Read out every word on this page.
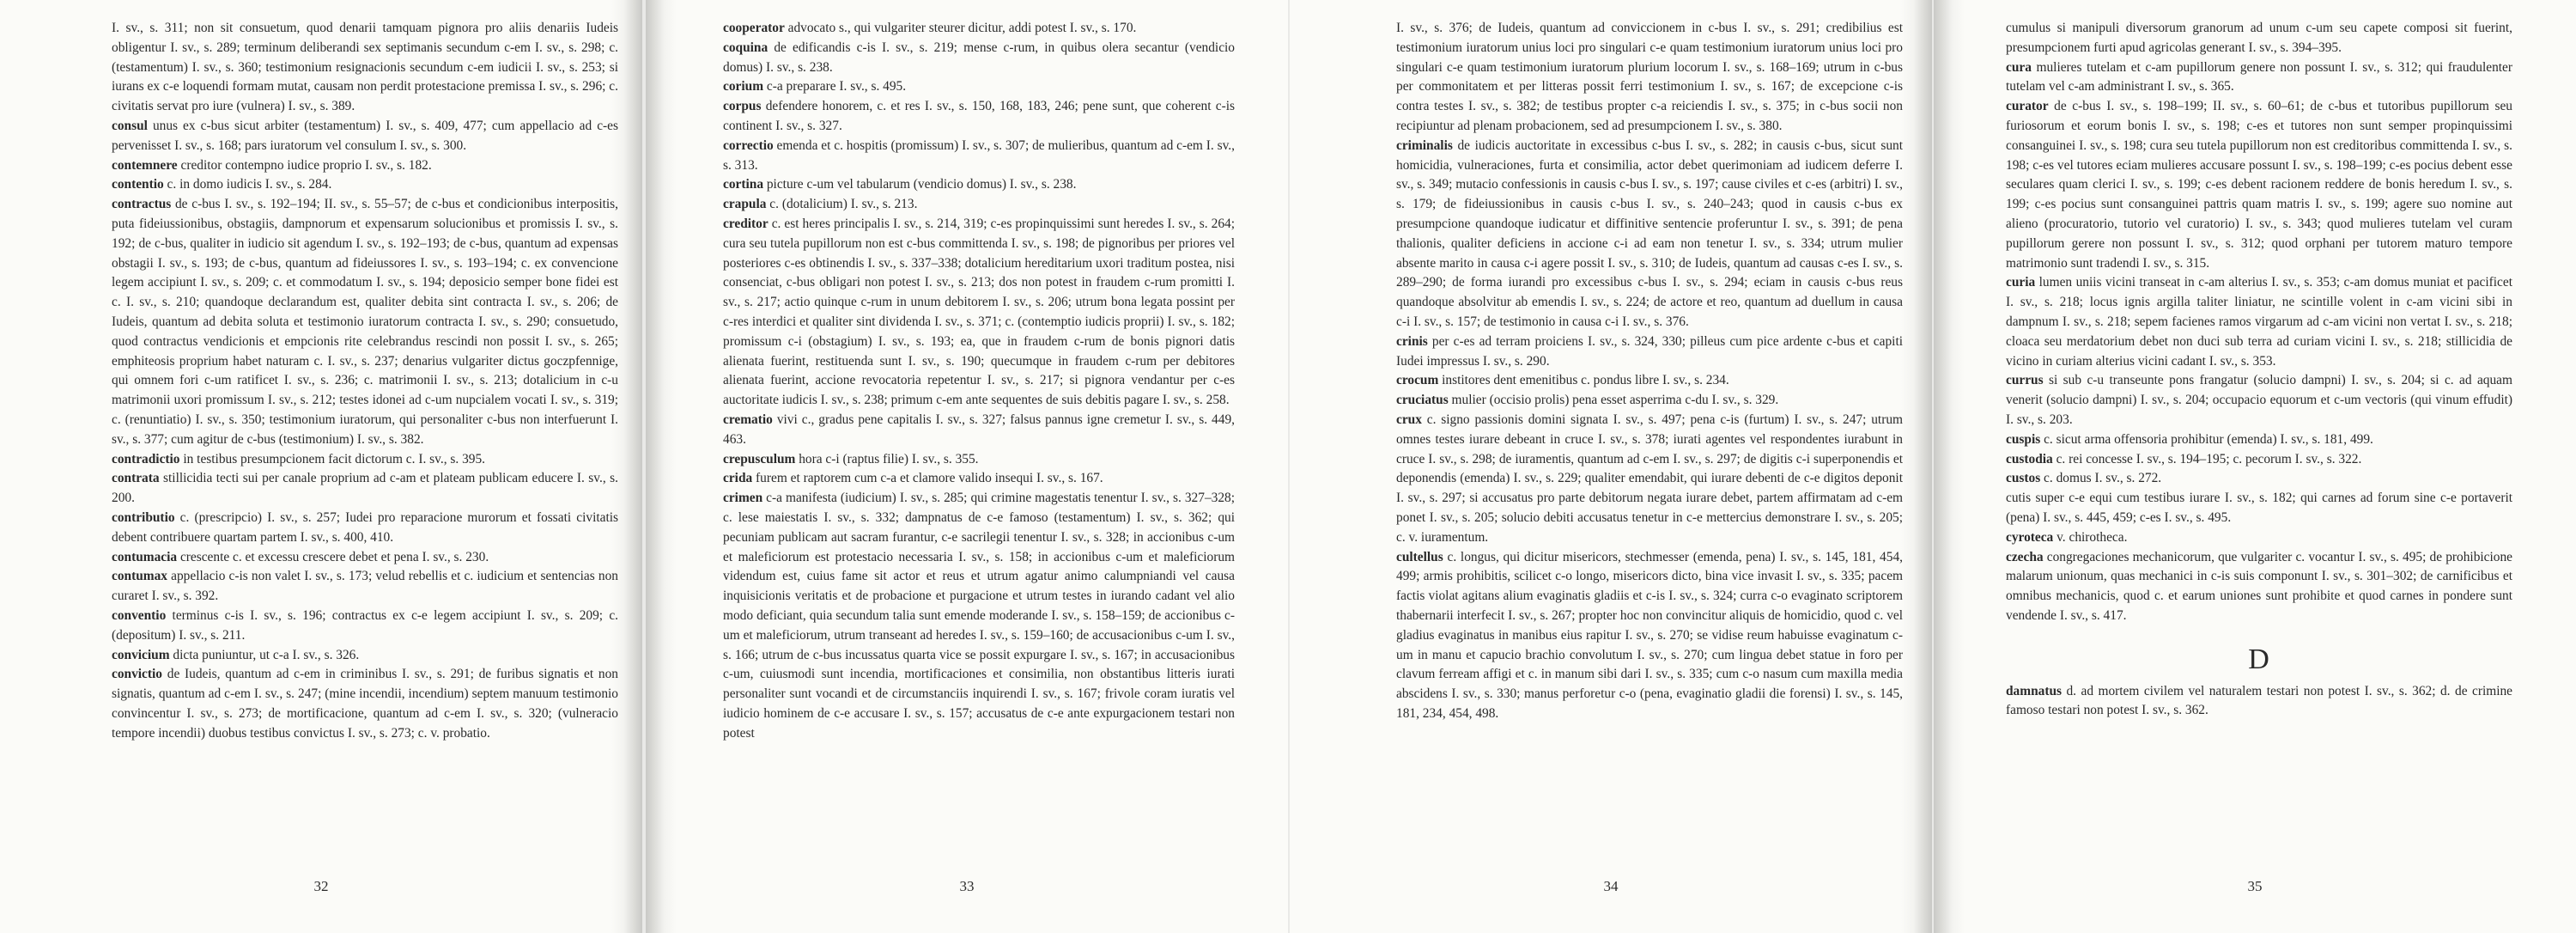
I. sv., s. 311; non sit consuetum, quod denarii tamquam pignora pro aliis denariis Iudeis obligentur I. sv., s. 289; terminum deliberandi sex septimanis secundum c-em I. sv., s. 298; c. (testamentum) I. sv., s. 360; testimonium resignacionis secundum c-em iudicii I. sv., s. 253; si iurans ex c-e loquendi formam mutat, causam non perdit protestacione premissa I. sv., s. 296; c. civitatis servat pro iure (vulnera) I. sv., s. 389.

consul unus ex c-bus sicut arbiter (testamentum) I. sv., s. 409, 477; cum appellacio ad c-es pervenisset I. sv., s. 168; pars iuratorum vel consulum I. sv., s. 300.

contemnere creditor contempno iudice proprio I. sv., s. 182.

contentio c. in domo iudicis I. sv., s. 284.

contractus de c-bus I. sv., s. 192–194; II. sv., s. 55–57; de c-bus et condicionibus interpositis, puta fideiussionibus, obstagiis, dampnorum et expensarum solucionibus et promissis I. sv., s. 192; de c-bus, qualiter in iudicio sit agendum I. sv., s. 192–193; de c-bus, quantum ad expensas obstagii I. sv., s. 193; de c-bus, quantum ad fideiussores I. sv., s. 193–194; c. ex convencione legem accipiunt I. sv., s. 209; c. et commodatum I. sv., s. 194; deposicio semper bone fidei est c. I. sv., s. 210; quandoque declarandum est, qualiter debita sint contracta I. sv., s. 206; de Iudeis, quantum ad debita soluta et testimonio iuratorum contracta I. sv., s. 290; consuetudo, quod contractus vendicionis et empcionis rite celebrandus rescindi non possit I. sv., s. 265; emphiteosis proprium habet naturam c. I. sv., s. 237; denarius vulgariter dictus goczpfennige, qui omnem fori c-um ratificet I. sv., s. 236; c. matrimonii I. sv., s. 213; dotalicium in c-u matrimonii uxori promissum I. sv., s. 212; testes idonei ad c-um nupcialem vocati I. sv., s. 319; c. (renuntiatio) I. sv., s. 350; testimonium iuratorum, qui personaliter c-bus non interfuerunt I. sv., s. 377; cum agitur de c-bus (testimonium) I. sv., s. 382.

contradictio in testibus presumpcionem facit dictorum c. I. sv., s. 395.

contrata stillicidia tecti sui per canale proprium ad c-am et plateam publicam educere I. sv., s. 200.

contributio c. (prescripcio) I. sv., s. 257; Iudei pro reparacione murorum et fossati civitatis debent contribuere quartam partem I. sv., s. 400, 410.

contumacia crescente c. et excessu crescere debet et pena I. sv., s. 230.

contumax appellacio c-is non valet I. sv., s. 173; velud rebellis et c. iudicium et sentencias non curaret I. sv., s. 392.

conventio terminus c-is I. sv., s. 196; contractus ex c-e legem accipiunt I. sv., s. 209; c. (depositum) I. sv., s. 211.

convicium dicta puniuntur, ut c-a I. sv., s. 326.

convictio de Iudeis, quantum ad c-em in criminibus I. sv., s. 291; de furibus signatis et non signatis, quantum ad c-em I. sv., s. 247; (mine incendii, incendium) septem manuum testimonio convincentur I. sv., s. 273; de mortificacione, quantum ad c-em I. sv., s. 320; (vulneracio tempore incendii) duobus testibus convictus I. sv., s. 273; c. v. probatio.

32

cooperator advocato s., qui vulgariter steurer dicitur, addi potest I. sv., s. 170.

coquina de edificandis c-is I. sv., s. 219; mense c-rum, in quibus olera secantur (vendicio domus) I. sv., s. 238.

corium c-a preparare I. sv., s. 495.

corpus defendere honorem, c. et res I. sv., s. 150, 168, 183, 246; pene sunt, que coherent c-is continent I. sv., s. 327.

correctio emenda et c. hospitis (promissum) I. sv., s. 307; de mulieribus, quantum ad c-em I. sv., s. 313.

cortina picture c-um vel tabularum (vendicio domus) I. sv., s. 238.

crapula c. (dotalicium) I. sv., s. 213.

creditor c. est heres principalis I. sv., s. 214, 319; c-es propinquissimi sunt heredes I. sv., s. 264; cura seu tutela pupillorum non est c-bus committenda I. sv., s. 198; de pignoribus per priores vel posteriores c-es obtinendis I. sv., s. 337–338; dotalicium hereditarium uxori traditum postea, nisi consenciat, c-bus obligari non potest I. sv., s. 213; dos non potest in fraudem c-rum promitti I. sv., s. 217; actio quinque c-rum in unum debitorem I. sv., s. 206; utrum bona legata possint per c-res interdici et qualiter sint dividenda I. sv., s. 371; c. (contemptio iudicis proprii) I. sv., s. 182; promissum c-i (obstagium) I. sv., s. 193; ea, que in fraudem c-rum de bonis pignori datis alienata fuerint, restituenda sunt I. sv., s. 190; quecumque in fraudem c-rum per debitores alienata fuerint, accione revocatoria repetentur I. sv., s. 217; si pignora vendantur per c-es auctoritate iudicis I. sv., s. 238; primum c-em ante sequentes de suis debitis pagare I. sv., s. 258.

crematio vivi c., gradus pene capitalis I. sv., s. 327; falsus pannus igne cremetur I. sv., s. 449, 463.

crepusculum hora c-i (raptus filie) I. sv., s. 355.

crida furem et raptorem cum c-a et clamore valido insequi I. sv., s. 167.

crimen c-a manifesta (iudicium) I. sv., s. 285; qui crimine magestatis tenentur I. sv., s. 327–328; c. lese maiestatis I. sv., s. 332; dampnatus de c-e famoso (testamentum) I. sv., s. 362; qui pecuniam publicam aut sacram furantur, c-e sacrilegii tenentur I. sv., s. 328; in accionibus c-um et maleficiorum est protestacio necessaria I. sv., s. 158; in accionibus c-um et maleficiorum videndum est, cuius fame sit actor et reus et utrum agatur animo calumpniandi vel causa inquisicionis veritatis et de probacione et purgacione et utrum testes in iurando cadant vel alio modo deficiant, quia secundum talia sunt emende moderande I. sv., s. 158–159; de accionibus c-um et maleficiorum, utrum transeant ad heredes I. sv., s. 159–160; de accusacionibus c-um I. sv., s. 166; utrum de c-bus incussatus quarta vice se possit expurgare I. sv., s. 167; in accusacionibus c-um, cuiusmodi sunt incendia, mortificaciones et consimilia, non obstantibus litteris iurati personaliter sunt vocandi et de circumstanciis inquirendi I. sv., s. 167; frivole coram iuratis vel iudicio hominem de c-e accusare I. sv., s. 157; accusatus de c-e ante expurgacionem testari non potest

33

I. sv., s. 376; de Iudeis, quantum ad conviccionem in c-bus I. sv., s. 291; credibilius est testimonium iuratorum unius loci pro singulari c-e quam testimonium iuratorum unius loci pro singulari c-e quam testimonium iuratorum plurium locorum I. sv., s. 168–169; utrum in c-bus per commonitatem et per litteras possit ferri testimonium I. sv., s. 167; de excepcione c-is contra testes I. sv., s. 382; de testibus propter c-a reiciendis I. sv., s. 375; in c-bus socii non recipiuntur ad plenam probacionem, sed ad presumpcionem I. sv., s. 380.

criminalis de iudicis auctoritate in excessibus c-bus I. sv., s. 282; in causis c-bus, sicut sunt homicidia, vulneraciones, furta et consimilia, actor debet querimoniam ad iudicem deferre I. sv., s. 349; mutacio confessionis in causis c-bus I. sv., s. 197; cause civiles et c-es (arbitri) I. sv., s. 179; de fideiussionibus in causis c-bus I. sv., s. 240–243; quod in causis c-bus ex presumpcione quandoque iudicatur et diffinitive sentencie proferuntur I. sv., s. 391; de pena thalionis, qualiter deficiens in accione c-i ad eam non tenetur I. sv., s. 334; utrum mulier absente marito in causa c-i agere possit I. sv., s. 310; de Iudeis, quantum ad causas c-es I. sv., s. 289–290; de forma iurandi pro excessibus c-bus I. sv., s. 294; eciam in causis c-bus reus quandoque absolvitur ab emendis I. sv., s. 224; de actore et reo, quantum ad duellum in causa c-i I. sv., s. 157; de testimonio in causa c-i I. sv., s. 376.

crinis per c-es ad terram proiciens I. sv., s. 324, 330; pilleus cum pice ardente c-bus et capiti Iudei impressus I. sv., s. 290.

crocum institores dent emenitibus c. pondus libre I. sv., s. 234.

cruciatus mulier (occisio prolis) pena esset asperrima c-du I. sv., s. 329.

crux c. signo passionis domini signata I. sv., s. 497; pena c-is (furtum) I. sv., s. 247; utrum omnes testes iurare debeant in cruce I. sv., s. 378; iurati agentes vel respondentes iurabunt in cruce I. sv., s. 298; de iuramentis, quantum ad c-em I. sv., s. 297; de digitis c-i superponendis et deponendis (emenda) I. sv., s. 229; qualiter emendabit, qui iurare debenti de c-e digitos deponit I. sv., s. 297; si accusatus pro parte debitorum negata iurare debet, partem affirmatam ad c-em ponet I. sv., s. 205; solucio debiti accusatus tenetur in c-e mettercius demonstrare I. sv., s. 205; c. v. iuramentum.

cultellus c. longus, qui dicitur misericors, stechmesser (emenda, pena) I. sv., s. 145, 181, 454, 499; armis prohibitis, scilicet c-o longo, misericors dicto, bina vice invasit I. sv., s. 335; pacem factis violat agitans alium evaginatis gladiis et c-is I. sv., s. 324; curra c-o evaginato scriptorem thabernarii interfecit I. sv., s. 267; propter hoc non convincitur aliquis de homicidio, quod c. vel gladius evaginatus in manibus eius rapitur I. sv., s. 270; se vidise reum habuisse evaginatum c-um in manu et capucio brachio convolutum I. sv., s. 270; cum lingua debet statue in foro per clavum ferream affigi et c. in manum sibi dari I. sv., s. 335; cum c-o nasum cum maxilla media abscidens I. sv., s. 330; manus perforetur c-o (pena, evaginatio gladii die forensi) I. sv., s. 145, 181, 234, 454, 498.

34

cumulus si manipuli diversorum granorum ad unum c-um seu capete composi sit fuerint, presumpcionem furti apud agricolas generant I. sv., s. 394–395.

cura mulieres tutelam et c-am pupillorum genere non possunt I. sv., s. 312; qui fraudulenter tutelam vel c-am administrant I. sv., s. 365.

curator de c-bus I. sv., s. 198–199; II. sv., s. 60–61; de c-bus et tutoribus pupillorum seu furiosorum et eorum bonis I. sv., s. 198; c-es et tutores non sunt semper propinquissimi consanguinei I. sv., s. 198; cura seu tutela pupillorum non est creditoribus committenda I. sv., s. 198; c-es vel tutores eciam mulieres accusare possunt I. sv., s. 198–199; c-es pocius debent esse seculares quam clerici I. sv., s. 199; c-es debent racionem reddere de bonis heredum I. sv., s. 199; c-es pocius sunt consanguinei pattris quam matris I. sv., s. 199; agere suo nomine aut alieno (procuratorio, tutorio vel curatorio) I. sv., s. 343; quod mulieres tutelam vel curam pupillorum gerere non possunt I. sv., s. 312; quod orphani per tutorem maturo tempore matrimonio sunt tradendi I. sv., s. 315.

curia lumen uniis vicini transeat in c-am alterius I. sv., s. 353; c-am domus muniat et pacificet I. sv., s. 218; locus ignis argilla taliter liniatur, ne scintille volent in c-am vicini sibi in dampnum I. sv., s. 218; sepem facienes ramos virgarum ad c-am vicini non vertat I. sv., s. 218; cloaca seu merdatorium debet non duci sub terra ad curiam vicini I. sv., s. 218; stillicidia de vicino in curiam alterius vicini cadant I. sv., s. 353.

currus si sub c-u transeunte pons frangatur (solucio dampni) I. sv., s. 204; si c. ad aquam venerit (solucio dampni) I. sv., s. 204; occupacio equorum et c-um vectoris (qui vinum effudit) I. sv., s. 203.

cuspis c. sicut arma offensoria prohibitur (emenda) I. sv., s. 181, 499.

custodia c. rei concesse I. sv., s. 194–195; c. pecorum I. sv., s. 322.

custos c. domus I. sv., s. 272.

cutis super c-e equi cum testibus iurare I. sv., s. 182; qui carnes ad forum sine c-e portaverit (pena) I. sv., s. 445, 459; c-es I. sv., s. 495.

cyroteca v. chirotheca.

czecha congregaciones mechanicorum, que vulgariter c. vocantur I. sv., s. 495; de prohibicione malarum unionum, quas mechanici in c-is suis componunt I. sv., s. 301–302; de carnificibus et omnibus mechanicis, quod c. et earum uniones sunt prohibite et quod carnes in pondere sunt vendende I. sv., s. 417.

D

damnatus d. ad mortem civilem vel naturalem testari non potest I. sv., s. 362; d. de crimine famoso testari non potest I. sv., s. 362.

35
